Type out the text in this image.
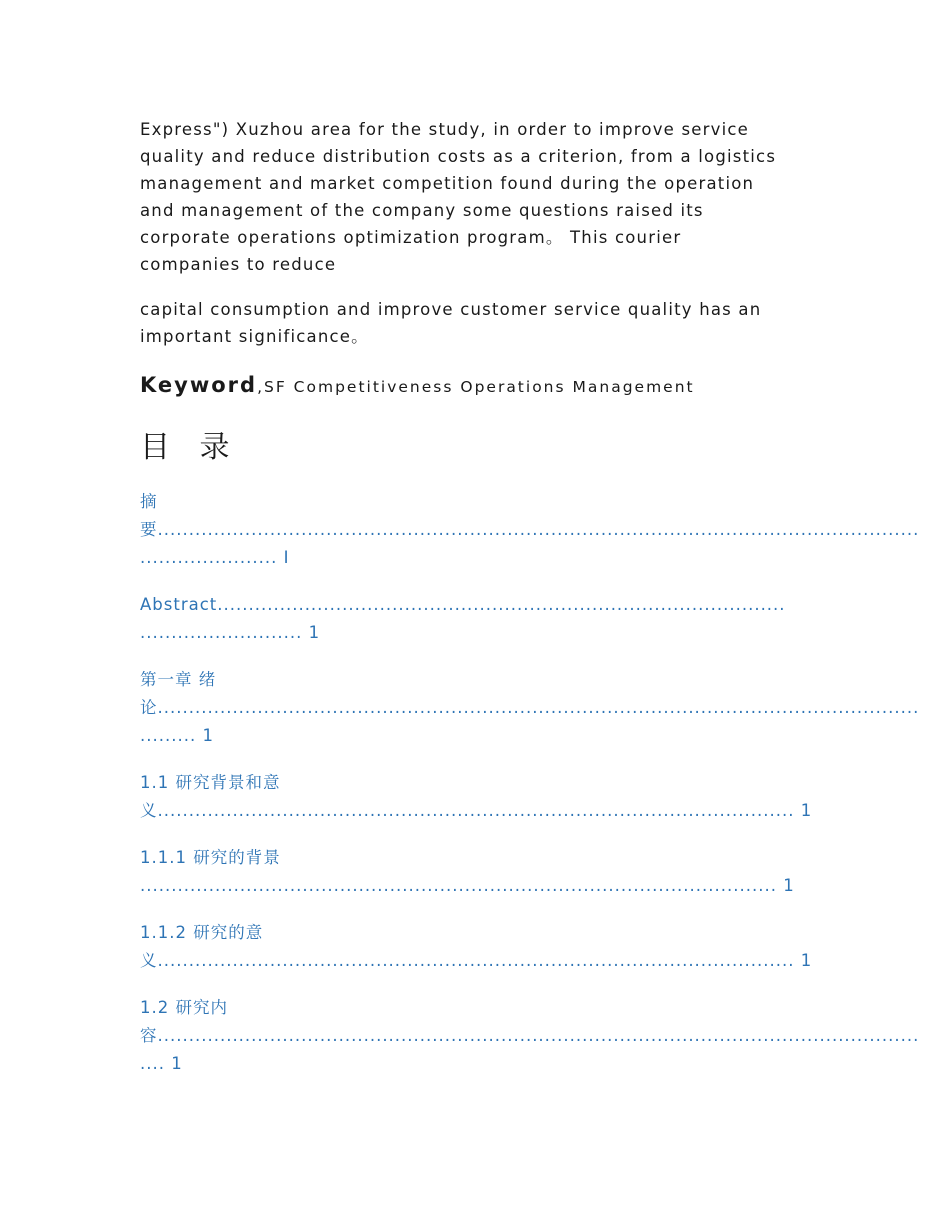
Express") Xuzhou area for the study, in order to improve service
quality and reduce distribution costs as a criterion, from a logistics
management and market competition found during the operation
and management of the company some questions raised its
corporate operations optimization program。 This courier
companies to reduce

capital consumption and improve customer service quality has an
important significance。

Keyword,SF Competitiveness Operations Management
目 录
摘
要..........................................................................................................................
...................... I
Abstract...........................................................................................
.......................... 1
第一章 绪
论..........................................................................................................................
......... 1
1.1 研究背景和意
义...................................................................................................... 1
1.1.1 研究的背景
...................................................................................................... 1
1.1.2 研究的意
义...................................................................................................... 1
1.2 研究内
容..........................................................................................................................
.... 1
